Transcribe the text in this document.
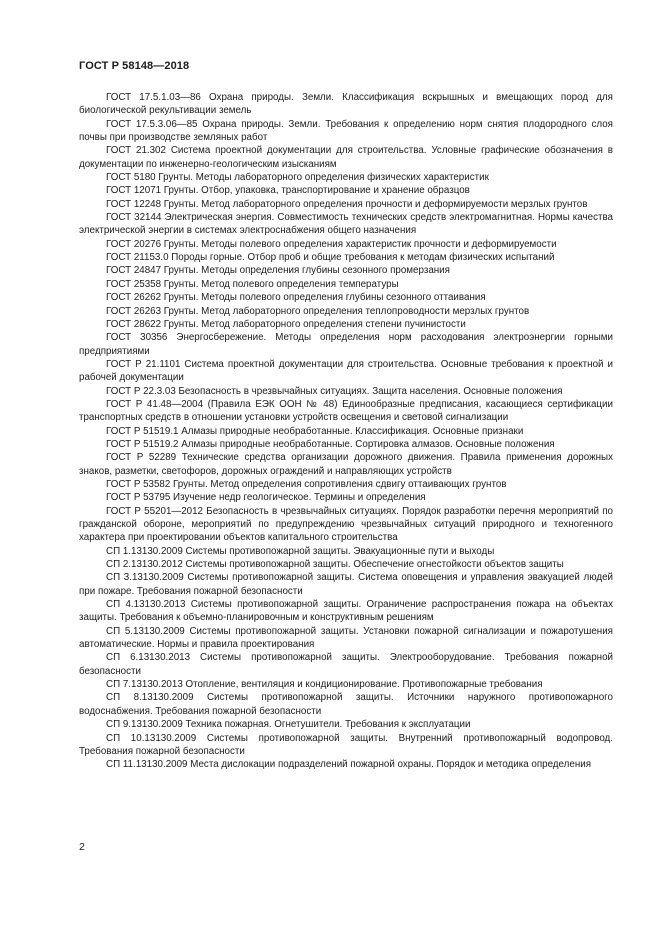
ГОСТ Р 58148—2018

ГОСТ 17.5.1.03—86 Охрана природы. Земли. Классификация вскрышных и вмещающих пород для биологической рекультивации земель

ГОСТ 17.5.3.06—85 Охрана природы. Земли. Требования к определению норм снятия плодородного слоя почвы при производстве земляных работ

ГОСТ 21.302 Система проектной документации для строительства. Условные графические обозначения в документации по инженерно-геологическим изысканиям

ГОСТ 5180 Грунты. Методы лабораторного определения физических характеристик

ГОСТ 12071 Грунты. Отбор, упаковка, транспортирование и хранение образцов

ГОСТ 12248 Грунты. Метод лабораторного определения прочности и деформируемости мерзлых грунтов

ГОСТ 32144 Электрическая энергия. Совместимость технических средств электромагнитная. Нормы качества электрической энергии в системах электроснабжения общего назначения

ГОСТ 20276 Грунты. Методы полевого определения характеристик прочности и деформируемости

ГОСТ 21153.0 Породы горные. Отбор проб и общие требования к методам физических испытаний

ГОСТ 24847 Грунты. Методы определения глубины сезонного промерзания

ГОСТ 25358 Грунты. Метод полевого определения температуры

ГОСТ 26262 Грунты. Методы полевого определения глубины сезонного оттаивания

ГОСТ 26263 Грунты. Метод лабораторного определения теплопроводности мерзлых грунтов

ГОСТ 28622 Грунты. Метод лабораторного определения степени пучинистости

ГОСТ 30356 Энергосбережение. Методы определения норм расходования электроэнергии горными предприятиями

ГОСТ Р 21.1101 Система проектной документации для строительства. Основные требования к проектной и рабочей документации

ГОСТ Р 22.3.03 Безопасность в чрезвычайных ситуациях. Защита населения. Основные положения

ГОСТ Р 41.48—2004 (Правила ЕЭК ООН № 48) Единообразные предписания, касающиеся сертификации транспортных средств в отношении установки устройств освещения и световой сигнализации

ГОСТ Р 51519.1 Алмазы природные необработанные. Классификация. Основные признаки

ГОСТ Р 51519.2 Алмазы природные необработанные. Сортировка алмазов. Основные положения

ГОСТ Р 52289 Технические средства организации дорожного движения. Правила применения дорожных знаков, разметки, светофоров, дорожных ограждений и направляющих устройств

ГОСТ Р 53582 Грунты. Метод определения сопротивления сдвигу оттаивающих грунтов

ГОСТ Р 53795 Изучение недр геологическое. Термины и определения

ГОСТ Р 55201—2012 Безопасность в чрезвычайных ситуациях. Порядок разработки перечня мероприятий по гражданской обороне, мероприятий по предупреждению чрезвычайных ситуаций природного и техногенного характера при проектировании объектов капитального строительства

СП 1.13130.2009 Системы противопожарной защиты. Эвакуационные пути и выходы

СП 2.13130.2012 Системы противопожарной защиты. Обеспечение огнестойкости объектов защиты

СП 3.13130.2009 Системы противопожарной защиты. Система оповещения и управления эвакуацией людей при пожаре. Требования пожарной безопасности

СП 4.13130.2013 Системы противопожарной защиты. Ограничение распространения пожара на объектах защиты. Требования к объемно-планировочным и конструктивным решениям

СП 5.13130.2009 Системы противопожарной защиты. Установки пожарной сигнализации и пожаротушения автоматические. Нормы и правила проектирования

СП 6.13130.2013 Системы противопожарной защиты. Электрооборудование. Требования пожарной безопасности

СП 7.13130.2013 Отопление, вентиляция и кондиционирование. Противопожарные требования

СП 8.13130.2009 Системы противопожарной защиты. Источники наружного противопожарного водоснабжения. Требования пожарной безопасности

СП 9.13130.2009 Техника пожарная. Огнетушители. Требования к эксплуатации

СП 10.13130.2009 Системы противопожарной защиты. Внутренний противопожарный водопровод. Требования пожарной безопасности

СП 11.13130.2009 Места дислокации подразделений пожарной охраны. Порядок и методика определения

2
